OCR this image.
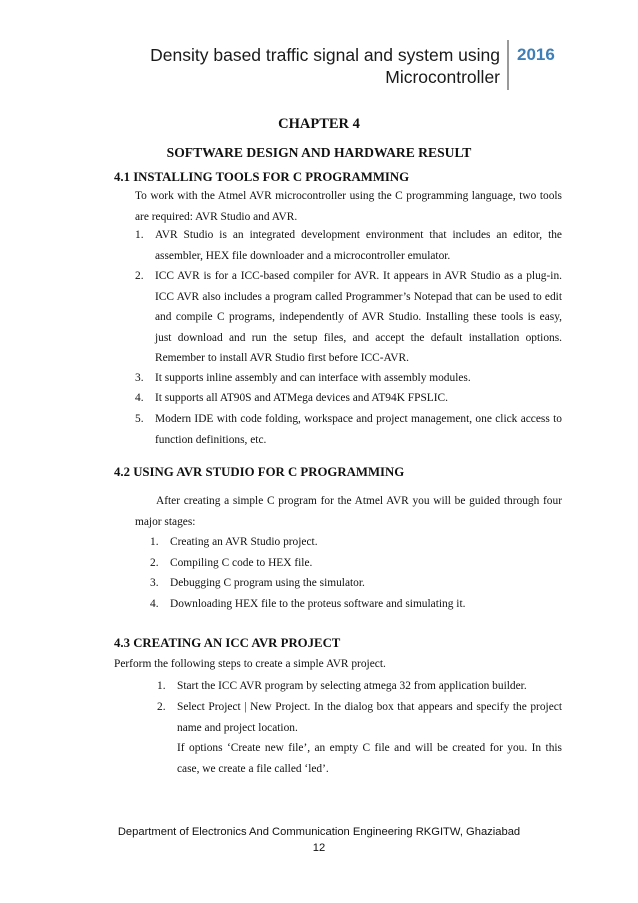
Density based traffic signal and system using
Microcontroller
2016
CHAPTER 4
SOFTWARE DESIGN AND HARDWARE RESULT
4.1 INSTALLING TOOLS FOR C PROGRAMMING
To work with the Atmel AVR microcontroller using the C programming language, two tools are required: AVR Studio and AVR.
1. AVR Studio is an integrated development environment that includes an editor, the assembler, HEX file downloader and a microcontroller emulator.
2. ICC AVR is for a ICC-based compiler for AVR. It appears in AVR Studio as a plug-in. ICC AVR also includes a program called Programmer’s Notepad that can be used to edit and compile C programs, independently of AVR Studio. Installing these tools is easy, just download and run the setup files, and accept the default installation options. Remember to install AVR Studio first before ICC-AVR.
3. It supports inline assembly and can interface with assembly modules.
4. It supports all AT90S and ATMega devices and AT94K FPSLIC.
5. Modern IDE with code folding, workspace and project management, one click access to function definitions, etc.
4.2 USING AVR STUDIO FOR C PROGRAMMING
After creating a simple C program for the Atmel AVR you will be guided through four major stages:
1. Creating an AVR Studio project.
2. Compiling C code to HEX file.
3. Debugging C program using the simulator.
4. Downloading HEX file to the proteus software and simulating it.
4.3 CREATING AN ICC AVR PROJECT
Perform the following steps to create a simple AVR project.
1. Start the ICC AVR program by selecting atmega 32 from application builder.
2. Select Project | New Project. In the dialog box that appears and specify the project name and project location.
If options ‘Create new file’, an empty C file and will be created for you. In this case, we create a file called ‘led’.
Department of Electronics And Communication Engineering RKGITW, Ghaziabad
12
